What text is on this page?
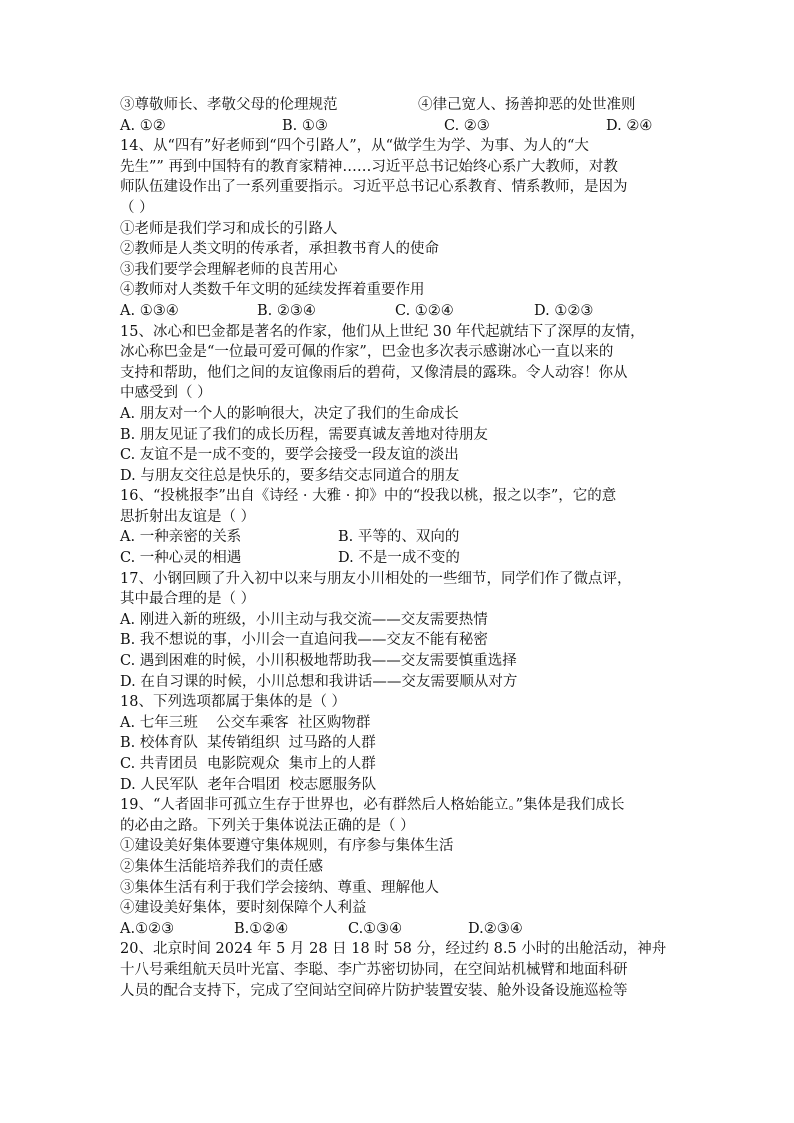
③尊敬师长、孝敬父母的伦理规范	④律己宽人、扬善抑恶的处世准则
A. ①②	B. ①③	C. ②③	D. ②④
14、从“四有”好老师到“四个引路人”，从“做学生为学、为事、为人的“大
先生”” 再到中国特有的教育家精神……习近平总书记始终心系广大教师，对教
师队伍建设作出了一系列重要指示。习近平总书记心系教育、情系教师，是因为
（ ）
①老师是我们学习和成长的引路人
②教师是人类文明的传承者，承担教书育人的使命
③我们要学会理解老师的良苦用心
④教师对人类数千年文明的延续发挥着重要作用
A. ①③④	B. ②③④	C. ①②④	D. ①②③
15、冰心和巴金都是著名的作家，他们从上世纪 30 年代起就结下了深厚的友情，
冰心称巴金是“一位最可爱可佩的作家”，巴金也多次表示感谢冰心一直以来的
支持和帮助，他们之间的友谊像雨后的碧荷，又像清晨的露珠。令人动容！你从
中感受到（ ）
A. 朋友对一个人的影响很大，决定了我们的生命成长
B. 朋友见证了我们的成长历程，需要真诚友善地对待朋友
C. 友谊不是一成不变的，要学会接受一段友谊的淡出
D. 与朋友交往总是快乐的，要多结交志同道合的朋友
16、“投桃报李”出自《诗经 · 大雅 · 抑》中的“投我以桃，报之以李”，它的意
思折射出友谊是（ ）
A. 一种亲密的关系	B. 平等的、双向的
C. 一种心灵的相遇	D. 不是一成不变的
17、小钢回顾了升入初中以来与朋友小川相处的一些细节，同学们作了微点评，
其中最合理的是（ ）
A. 刚进入新的班级，小川主动与我交流——交友需要热情
B. 我不想说的事，小川会一直追问我——交友不能有秘密
C. 遇到困难的时候，小川积极地帮助我——交友需要慎重选择
D. 在自习课的时候，小川总想和我讲话——交友需要顺从对方
18、下列选项都属于集体的是（ ）
A. 七年三班    公交车乘客  社区购物群
B. 校体育队  某传销组织  过马路的人群
C. 共青团员  电影院观众  集市上的人群
D. 人民军队  老年合唱团  校志愿服务队
19、“人者固非可孤立生存于世界也，必有群然后人格始能立。”集体是我们成长
的必由之路。下列关于集体说法正确的是（ ）
①建设美好集体要遵守集体规则，有序参与集体生活
②集体生活能培养我们的责任感
③集体生活有利于我们学会接纳、尊重、理解他人
④建设美好集体，要时刻保障个人利益
A.①②③	B.①②④	C.①③④	D.②③④
20、北京时间 2024 年 5 月 28 日 18 时 58 分，经过约 8.5 小时的出舱活动，神舟
十八号乘组航天员叶光富、李聪、李广苏密切协同，在空间站机械臂和地面科研
人员的配合支持下，完成了空间站空间碎片防护装置安装、舱外设备设施巡检等
